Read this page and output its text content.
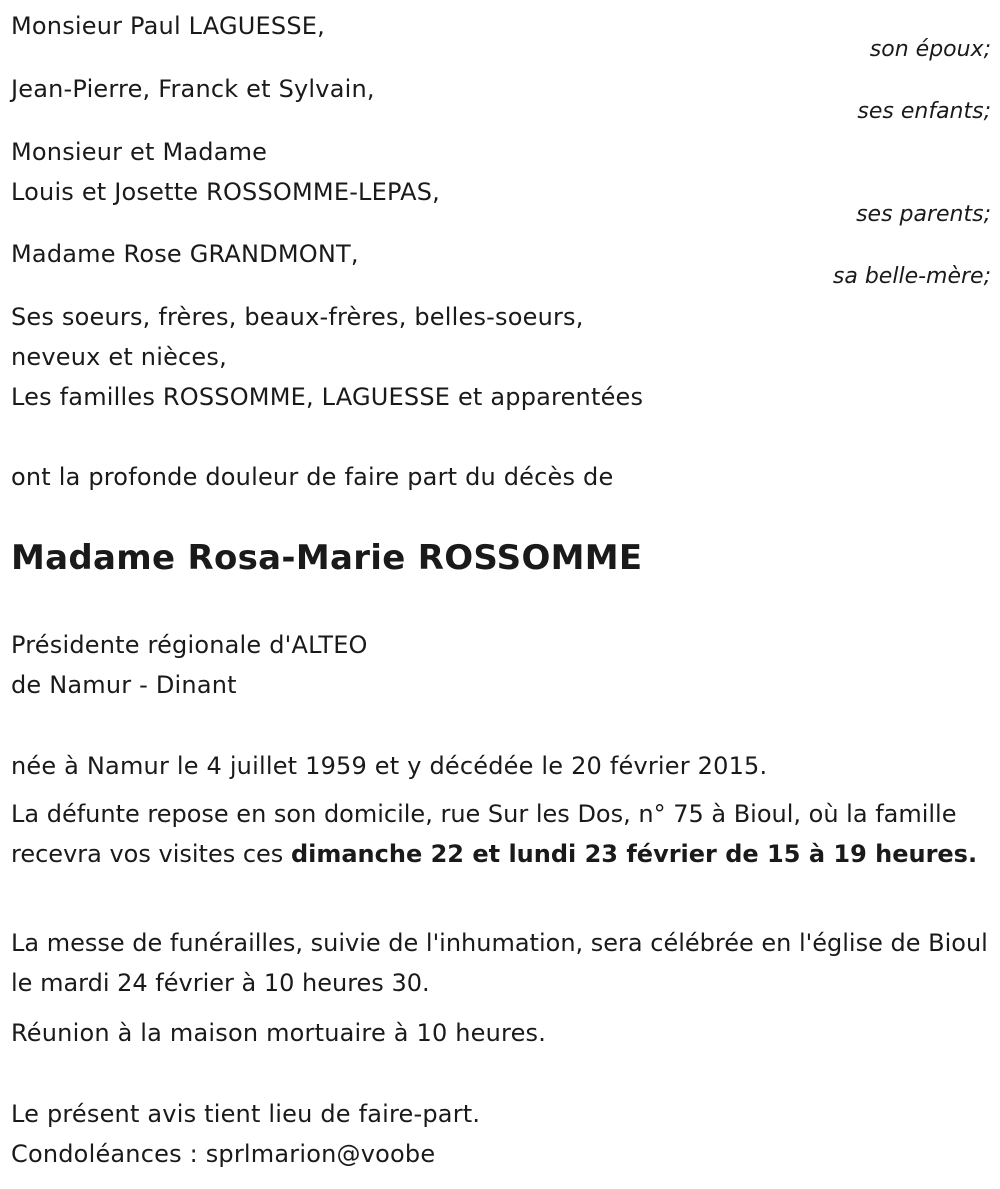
Monsieur Paul LAGUESSE,
son époux;
Jean-Pierre, Franck et Sylvain,
ses enfants;
Monsieur et Madame
Louis et Josette ROSSOMME-LEPAS,
ses parents;
Madame Rose GRANDMONT,
sa belle-mère;
Ses soeurs, frères, beaux-frères, belles-soeurs,
neveux et nièces,
Les familles ROSSOMME, LAGUESSE et apparentées
ont la profonde douleur de faire part du décès de
Madame Rosa-Marie ROSSOMME
Présidente régionale d'ALTEO
de Namur - Dinant
née à Namur le 4 juillet 1959 et y décédée le 20 février 2015.
La défunte repose en son domicile, rue Sur les Dos, n° 75 à Bioul, où la famille recevra vos visites ces dimanche 22 et lundi 23 février de 15 à 19 heures.
La messe de funérailles, suivie de l'inhumation, sera célébrée en l'église de Bioul le mardi 24 février à 10 heures 30.
Réunion à la maison mortuaire à 10 heures.
Le présent avis tient lieu de faire-part.
Condoléances : sprlmarion@voobe
